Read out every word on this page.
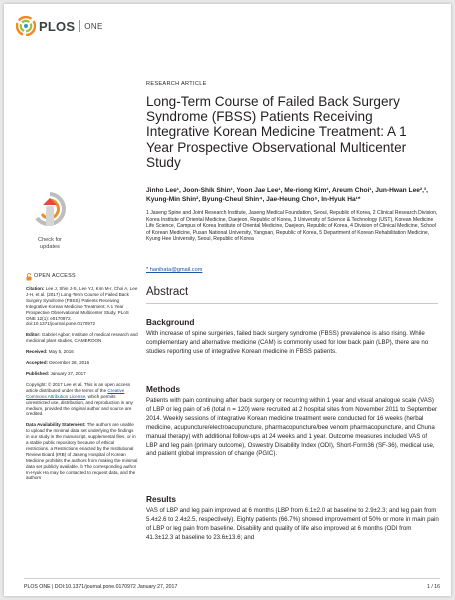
PLOS ONE
RESEARCH ARTICLE
Long-Term Course of Failed Back Surgery Syndrome (FBSS) Patients Receiving Integrative Korean Medicine Treatment: A 1 Year Prospective Observational Multicenter Study
Jinho Lee¹, Joon-Shik Shin¹, Yoon Jae Lee¹, Me-riong Kim¹, Areum Choi¹, Jun-Hwan Lee²,³, Kyung-Min Shin², Byung-Cheul Shin⁴, Jae-Heung Cho⁵, In-Hyuk Ha¹*
1 Jaseng Spine and Joint Research Institute, Jaseng Medical Foundation, Seoul, Republic of Korea, 2 Clinical Research Division, Korea Institute of Oriental Medicine, Daejeon, Republic of Korea, 3 University of Science & Technology (UST), Korean Medicine Life Science, Campus of Korea Institute of Oriental Medicine, Daejeon, Republic of Korea, 4 Division of Clinical Medicine, School of Korean Medicine, Pusan National University, Yangsan, Republic of Korea, 5 Department of Korean Rehabilitation Medicine, Kyung Hee University, Seoul, Republic of Korea
* hanihata@gmail.com
Check for
updates
OPEN ACCESS
Citation: Lee J, Shin J-S, Lee YJ, Kim M-r, Choi A, Lee J-H, et al. (2017) Long-Term Course of Failed Back Surgery Syndrome (FBSS) Patients Receiving Integrative Korean Medicine Treatment: A 1 Year Prospective Observational Multicenter Study. PLoS ONE 12(1): e0170972. doi:10.1371/journal.pone.0170972
Editor: Gabriel Agbor, Institute of medical research and medicinal plant studies, CAMEROON
Received: May 5, 2016
Accepted: December 28, 2016
Published: January 27, 2017
Copyright: © 2017 Lee et al. This is an open access article distributed under the terms of the Creative Commons Attribution License, which permits unrestricted use, distribution, and reproduction in any medium, provided the original author and source are credited.
Data Availability Statement: The authors are unable to upload the minimal data set underlying the findings in our study in the manuscript, supplemental files, or in a stable public repository because of ethical restrictions. a Restrictions enacted by the Institutional Review Board (IRB) of Jaseng Hospital of Korean Medicine prohibits the authors from making the minimal data set publicly available. b The corresponding author In-Hyuk Ha may be contacted to request data, and the authors
Abstract
Background
With increase of spine surgeries, failed back surgery syndrome (FBSS) prevalence is also rising. While complementary and alternative medicine (CAM) is commonly used for low back pain (LBP), there are no studies reporting use of integrative Korean medicine in FBSS patients.
Methods
Patients with pain continuing after back surgery or recurring within 1 year and visual analogue scale (VAS) of LBP or leg pain of ≥6 (total n = 120) were recruited at 2 hospital sites from November 2011 to September 2014. Weekly sessions of integrative Korean medicine treatment were conducted for 16 weeks (herbal medicine, acupuncture/electroacupuncture, pharmacopuncture/bee venom pharmacopuncture, and Chuna manual therapy) with additional follow-ups at 24 weeks and 1 year. Outcome measures included VAS of LBP and leg pain (primary outcome), Oswestry Disability Index (ODI), Short-Form36 (SF-36), medical use, and patient global impression of change (PGIC).
Results
VAS of LBP and leg pain improved at 6 months (LBP from 6.1±2.0 at baseline to 2.9±2.3; and leg pain from 5.4±2.6 to 2.4±2.5, respectively). Eighty patients (66.7%) showed improvement of 50% or more in main pain of LBP or leg pain from baseline. Disability and quality of life also improved at 6 months (ODI from 41.3±12.3 at baseline to 23.6±13.6; and
PLOS ONE | DOI:10.1371/journal.pone.0170972 January 27, 2017	1 / 16
